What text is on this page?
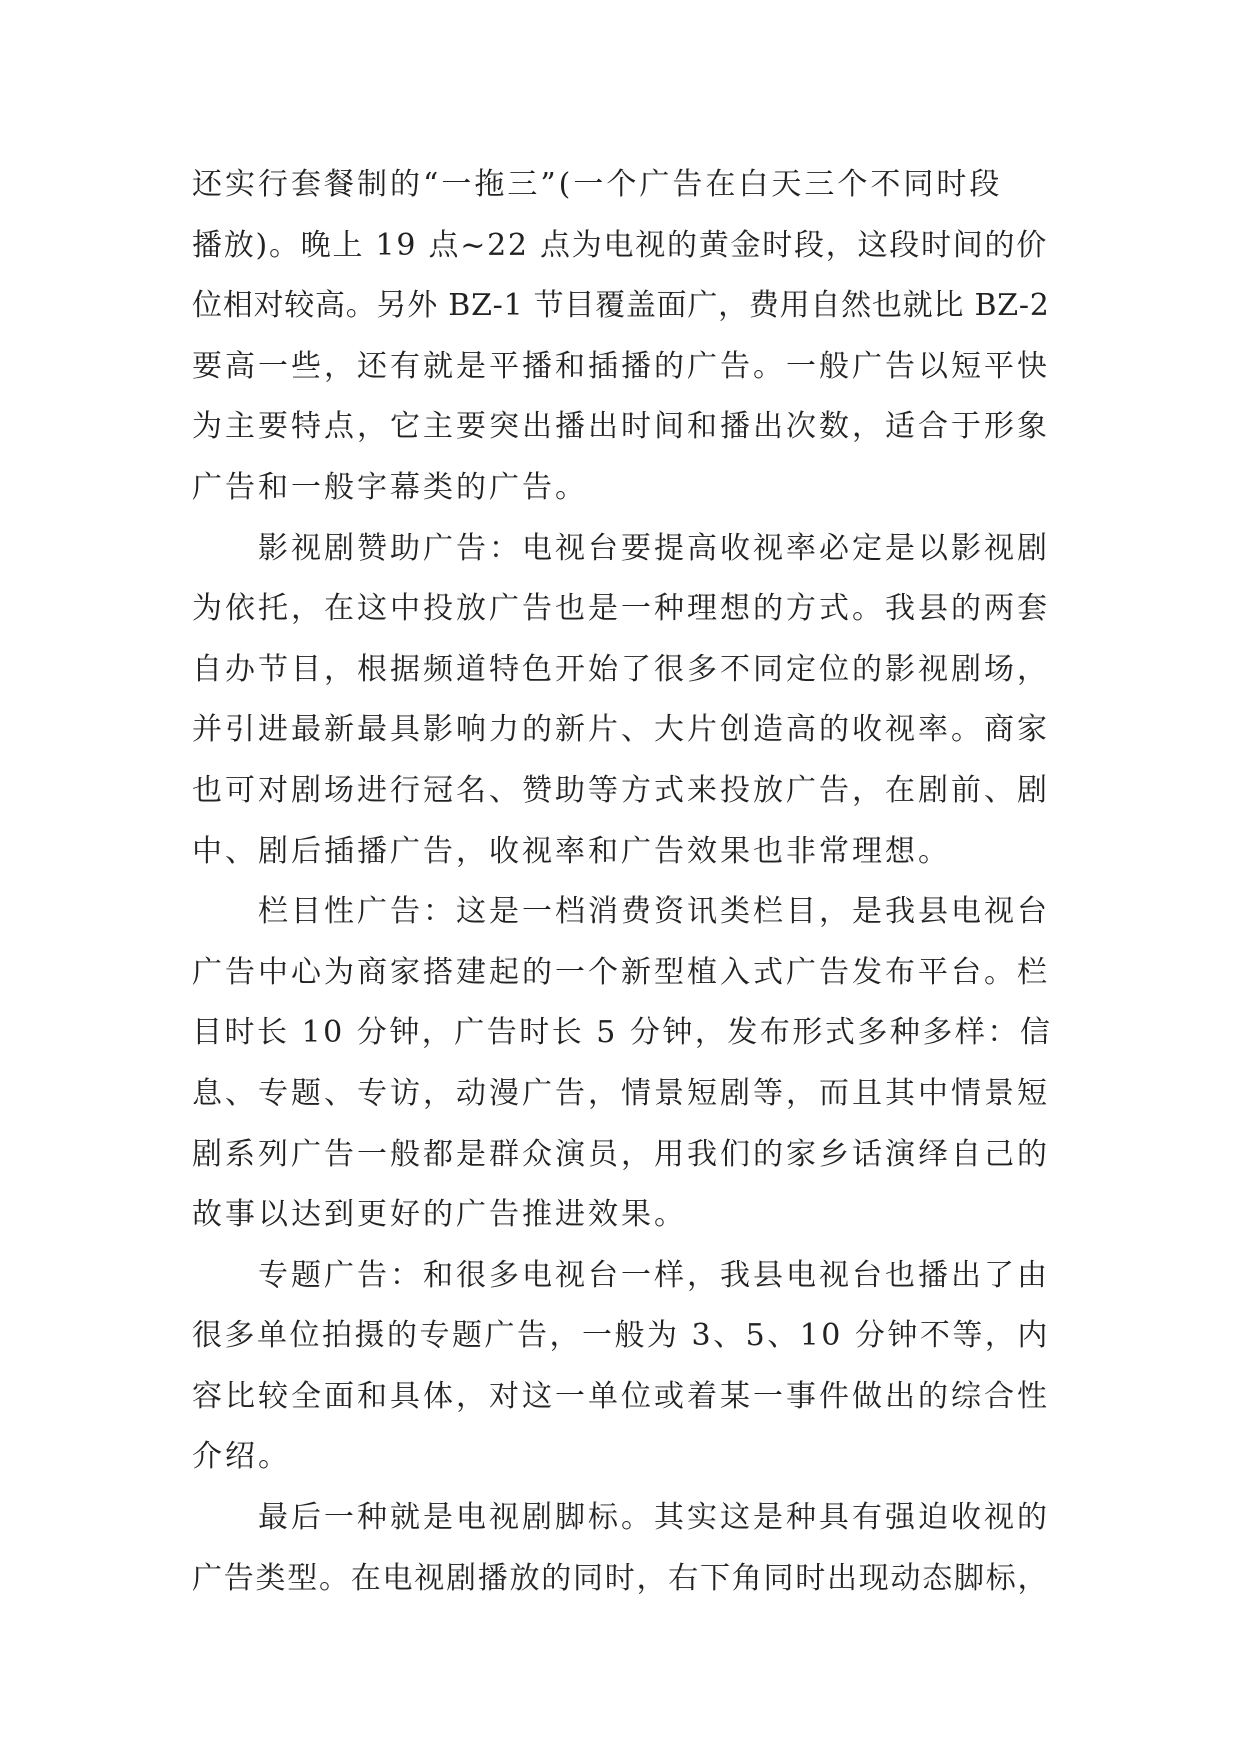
还实行套餐制的“一拖三”(一个广告在白天三个不同时段
播放)。晚上 19 点~22 点为电视的黄金时段，这段时间的价
位相对较高。另外 BZ-1 节目覆盖面广，费用自然也就比 BZ-2
要高一些，还有就是平播和插播的广告。一般广告以短平快
为主要特点，它主要突出播出时间和播出次数，适合于形象
广告和一般字幕类的广告。
影视剧赞助广告：电视台要提高收视率必定是以影视剧
为依托，在这中投放广告也是一种理想的方式。我县的两套
自办节目，根据频道特色开始了很多不同定位的影视剧场，
并引进最新最具影响力的新片、大片创造高的收视率。商家
也可对剧场进行冠名、赞助等方式来投放广告，在剧前、剧
中、剧后插播广告，收视率和广告效果也非常理想。
栏目性广告：这是一档消费资讯类栏目，是我县电视台
广告中心为商家搭建起的一个新型植入式广告发布平台。栏
目时长 10 分钟，广告时长 5 分钟，发布形式多种多样：信
息、专题、专访，动漫广告，情景短剧等，而且其中情景短
剧系列广告一般都是群众演员，用我们的家乡话演绎自己的
故事以达到更好的广告推进效果。
专题广告：和很多电视台一样，我县电视台也播出了由
很多单位拍摄的专题广告，一般为 3、5、10 分钟不等，内
容比较全面和具体，对这一单位或着某一事件做出的综合性
介绍。
最后一种就是电视剧脚标。其实这是种具有强迫收视的
广告类型。在电视剧播放的同时，右下角同时出现动态脚标，
